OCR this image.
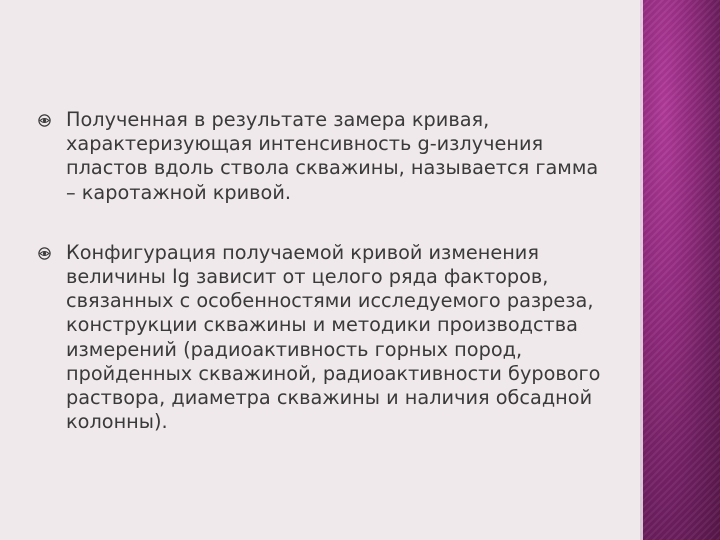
Полученная в результате замера кривая, характеризующая интенсивность g-излучения пластов вдоль ствола скважины, называется гамма – каротажной кривой.
Конфигурация получаемой кривой изменения величины Ig зависит от целого ряда факторов, связанных с особенностями исследуемого разреза, конструкции скважины и методики производства измерений (радиоактивность горных пород, пройденных скважиной, радиоактивности бурового раствора, диаметра скважины и наличия обсадной колонны).
